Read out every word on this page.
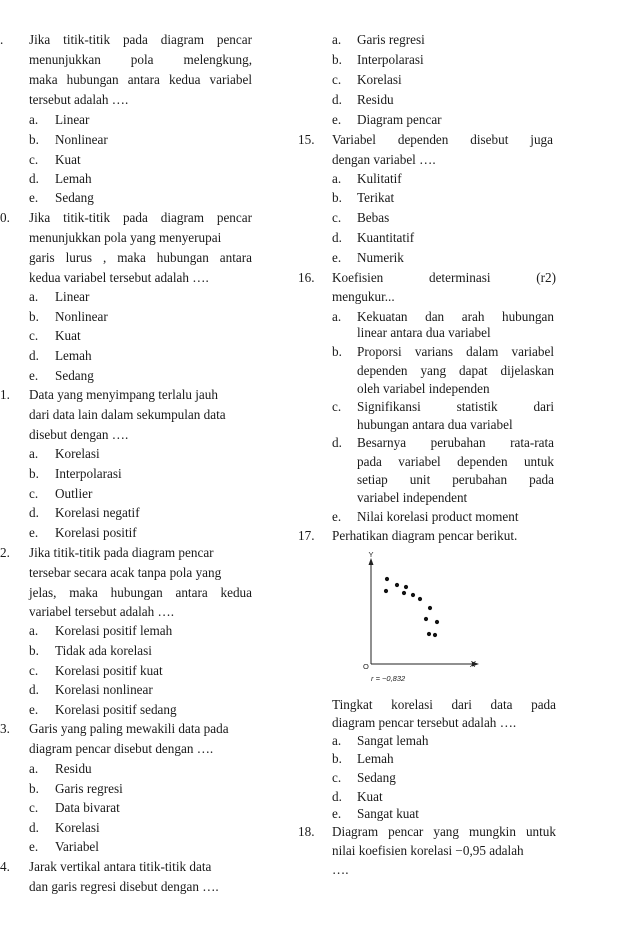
. Jika titik-titik pada diagram pencar
menunjukkan pola melengkung,
maka hubungan antara kedua variabel
tersebut adalah ….
a. Linear
b. Nonlinear
c. Kuat
d. Lemah
e. Sedang
0. Jika titik-titik pada diagram pencar
menunjukkan pola yang menyerupai
garis lurus , maka hubungan antara
kedua variabel tersebut adalah ….
a. Linear
b. Nonlinear
c. Kuat
d. Lemah
e. Sedang
1. Data yang menyimpang terlalu jauh
dari data lain dalam sekumpulan data
disebut dengan ….
a. Korelasi
b. Interpolarasi
c. Outlier
d. Korelasi negatif
e. Korelasi positif
2. Jika titik-titik pada diagram pencar
tersebar secara acak tanpa pola yang
jelas, maka hubungan antara kedua
variabel tersebut adalah ….
a. Korelasi positif lemah
b. Tidak ada korelasi
c. Korelasi positif kuat
d. Korelasi nonlinear
e. Korelasi positif sedang
3. Garis yang paling mewakili data pada
diagram pencar disebut dengan ….
a. Residu
b. Garis regresi
c. Data bivarat
d. Korelasi
e. Variabel
4. Jarak vertikal antara titik-titik data
dan garis regresi disebut dengan ….
a. Garis regresi
b. Interpolarasi
c. Korelasi
d. Residu
e. Diagram pencar
15. Variabel dependen disebut juga
dengan variabel ….
a. Kulitatif
b. Terikat
c. Bebas
d. Kuantitatif
e. Numerik
16. Koefisien determinasi (r2)
mengukur...
a. Kekuatan dan arah hubungan
linear antara dua variabel
b. Proporsi varians dalam variabel
dependen yang dapat dijelaskan
oleh variabel independen
c. Signifikansi statistik dari
hubungan antara dua variabel
d. Besarnya perubahan rata-rata
pada variabel dependen untuk
setiap unit perubahan pada
variabel independent
e. Nilai korelasi product moment
17. Perhatikan diagram pencar berikut.
Y
X
O
r = −0,832
Tingkat korelasi dari data pada
diagram pencar tersebut adalah ….
a. Sangat lemah
b. Lemah
c. Sedang
d. Kuat
e. Sangat kuat
18. Diagram pencar yang mungkin untuk
nilai koefisien korelasi −0,95 adalah
….
